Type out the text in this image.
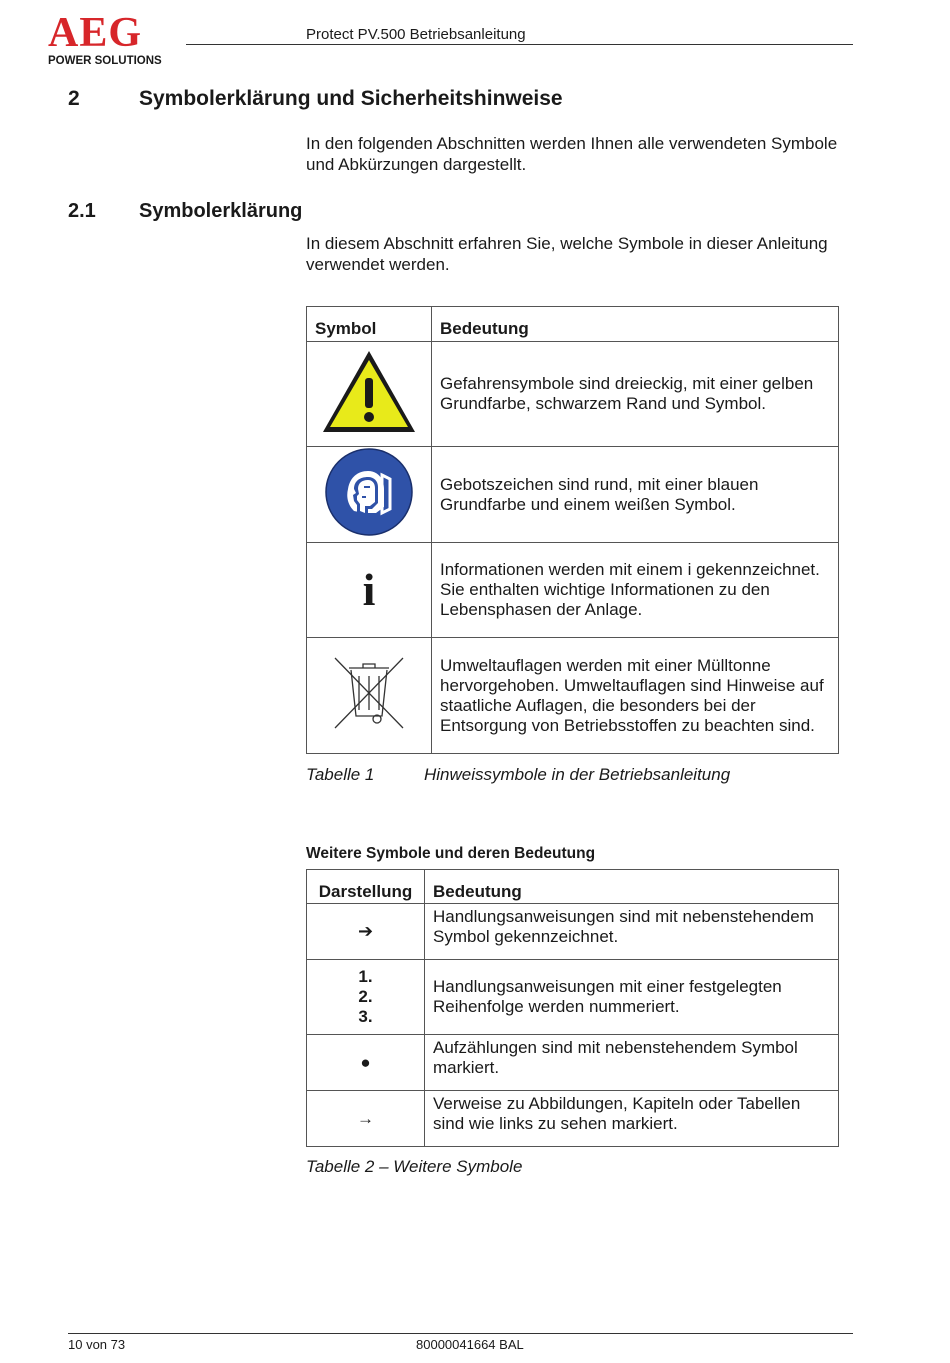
AEG
POWER SOLUTIONS
Protect PV.500 Betriebsanleitung
2	Symbolerklärung und Sicherheitshinweise
In den folgenden Abschnitten werden Ihnen alle verwendeten Symbole und Abkürzungen dargestellt.
2.1 Symbolerklärung
In diesem Abschnitt erfahren Sie, welche Symbole in dieser Anleitung verwendet werden.
Symbol	Bedeutung
	Gefahrensymbole sind dreieckig, mit einer gelben Grundfarbe, schwarzem Rand und Symbol.
	Gebotszeichen sind rund, mit einer blauen Grundfarbe und einem weißen Symbol.
i	Informationen werden mit einem i gekennzeichnet. Sie enthalten wichtige Informationen zu den Lebensphasen der Anlage.
	Umweltauflagen werden mit einer Mülltonne hervorgehoben. Umweltauflagen sind Hinweise auf staatliche Auflagen, die besonders bei der Entsorgung von Betriebsstoffen zu beachten sind.
Tabelle 1	Hinweissymbole in der Betriebsanleitung
Weitere Symbole und deren Bedeutung
Darstellung	Bedeutung
➔	Handlungsanweisungen sind mit nebenstehendem Symbol gekennzeichnet.

1.
2.
3.	Handlungsanweisungen mit einer festgelegten Reihenfolge werden nummeriert.
●	Aufzählungen sind mit nebenstehendem Symbol markiert.
→	Verweise zu Abbildungen, Kapiteln oder Tabellen sind wie links zu sehen markiert.
Tabelle 2 – Weitere Symbole
10 von 73	80000041664 BAL
